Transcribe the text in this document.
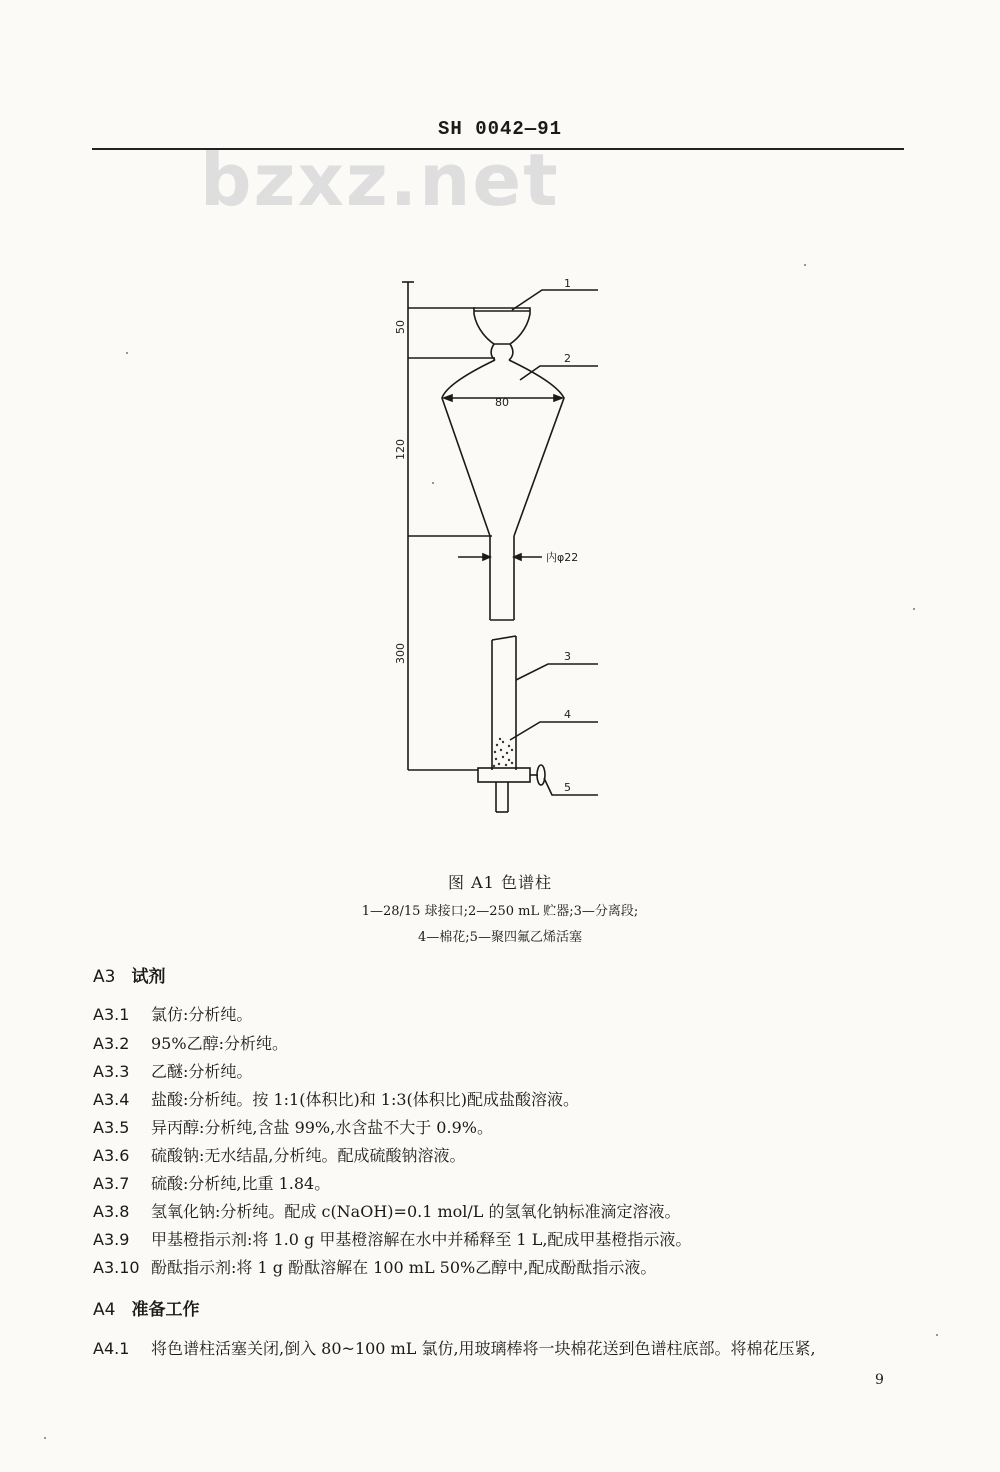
bzxz.net
SH 0042—91
50
120
300
80
内φ22
1
2
3
4
5
图 A1 色谱柱
1—28/15 球接口;2—250 mL 贮器;3—分离段;
4—棉花;5—聚四氟乙烯活塞
A3 试剂
A3.1 氯仿:分析纯。
A3.2 95%乙醇:分析纯。
A3.3 乙醚:分析纯。
A3.4 盐酸:分析纯。按 1:1(体积比)和 1:3(体积比)配成盐酸溶液。
A3.5 异丙醇:分析纯,含盐 99%,水含盐不大于 0.9%。
A3.6 硫酸钠:无水结晶,分析纯。配成硫酸钠溶液。
A3.7 硫酸:分析纯,比重 1.84。
A3.8 氢氧化钠:分析纯。配成 c(NaOH)=0.1 mol/L 的氢氧化钠标准滴定溶液。
A3.9 甲基橙指示剂:将 1.0 g 甲基橙溶解在水中并稀释至 1 L,配成甲基橙指示液。
A3.10 酚酞指示剂:将 1 g 酚酞溶解在 100 mL 50%乙醇中,配成酚酞指示液。
A4 准备工作
A4.1 将色谱柱活塞关闭,倒入 80~100 mL 氯仿,用玻璃棒将一块棉花送到色谱柱底部。将棉花压紧,
9
